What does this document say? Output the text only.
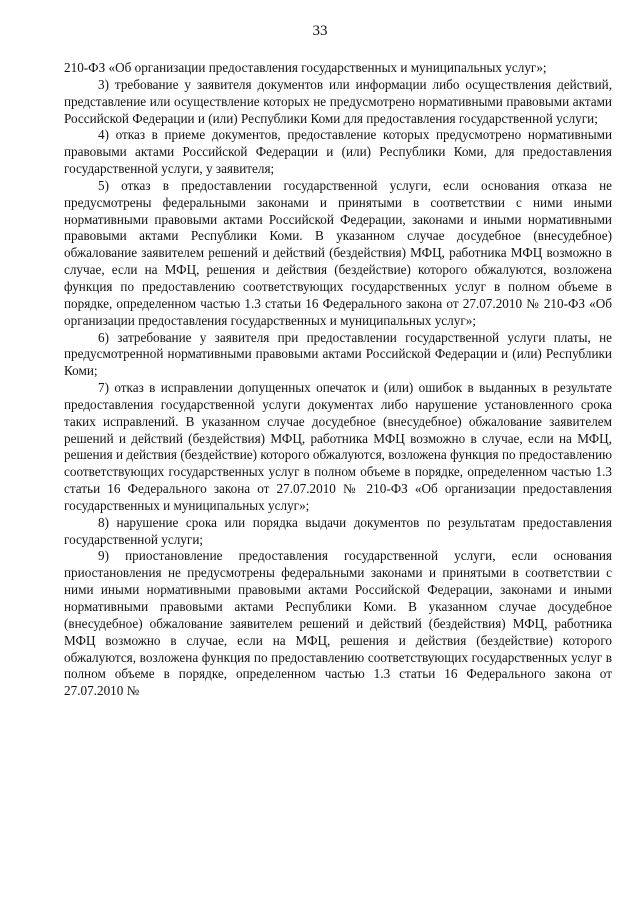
33

210-ФЗ «Об организации предоставления государственных и муниципальных услуг»;

3) требование у заявителя документов или информации либо осуществления действий, представление или осуществление которых не предусмотрено нормативными правовыми актами Российской Федерации и (или) Республики Коми для предоставления государственной услуги;

4) отказ в приеме документов, предоставление которых предусмотрено нормативными правовыми актами Российской Федерации и (или) Республики Коми, для предоставления государственной услуги, у заявителя;

5) отказ в предоставлении государственной услуги, если основания отказа не предусмотрены федеральными законами и принятыми в соответствии с ними иными нормативными правовыми актами Российской Федерации, законами и иными нормативными правовыми актами Республики Коми. В указанном случае досудебное (внесудебное) обжалование заявителем решений и действий (бездействия) МФЦ, работника МФЦ возможно в случае, если на МФЦ, решения и действия (бездействие) которого обжалуются, возложена функция по предоставлению соответствующих государственных услуг в полном объеме в порядке, определенном частью 1.3 статьи 16 Федерального закона от 27.07.2010 № 210-ФЗ «Об организации предоставления государственных и муниципальных услуг»;

6) затребование у заявителя при предоставлении государственной услуги платы, не предусмотренной нормативными правовыми актами Российской Федерации и (или) Республики Коми;

7) отказ в исправлении допущенных опечаток и (или) ошибок в выданных в результате предоставления государственной услуги документах либо нарушение установленного срока таких исправлений. В указанном случае досудебное (внесудебное) обжалование заявителем решений и действий (бездействия) МФЦ, работника МФЦ возможно в случае, если на МФЦ, решения и действия (бездействие) которого обжалуются, возложена функция по предоставлению соответствующих государственных услуг в полном объеме в порядке, определенном частью 1.3 статьи 16 Федерального закона от 27.07.2010 № 210-ФЗ «Об организации предоставления государственных и муниципальных услуг»;

8) нарушение срока или порядка выдачи документов по результатам предоставления государственной услуги;

9) приостановление предоставления государственной услуги, если основания приостановления не предусмотрены федеральными законами и принятыми в соответствии с ними иными нормативными правовыми актами Российской Федерации, законами и иными нормативными правовыми актами Республики Коми. В указанном случае досудебное (внесудебное) обжалование заявителем решений и действий (бездействия) МФЦ, работника МФЦ возможно в случае, если на МФЦ, решения и действия (бездействие) которого обжалуются, возложена функция по предоставлению соответствующих государственных услуг в полном объеме в порядке, определенном частью 1.3 статьи 16 Федерального закона от 27.07.2010 №
